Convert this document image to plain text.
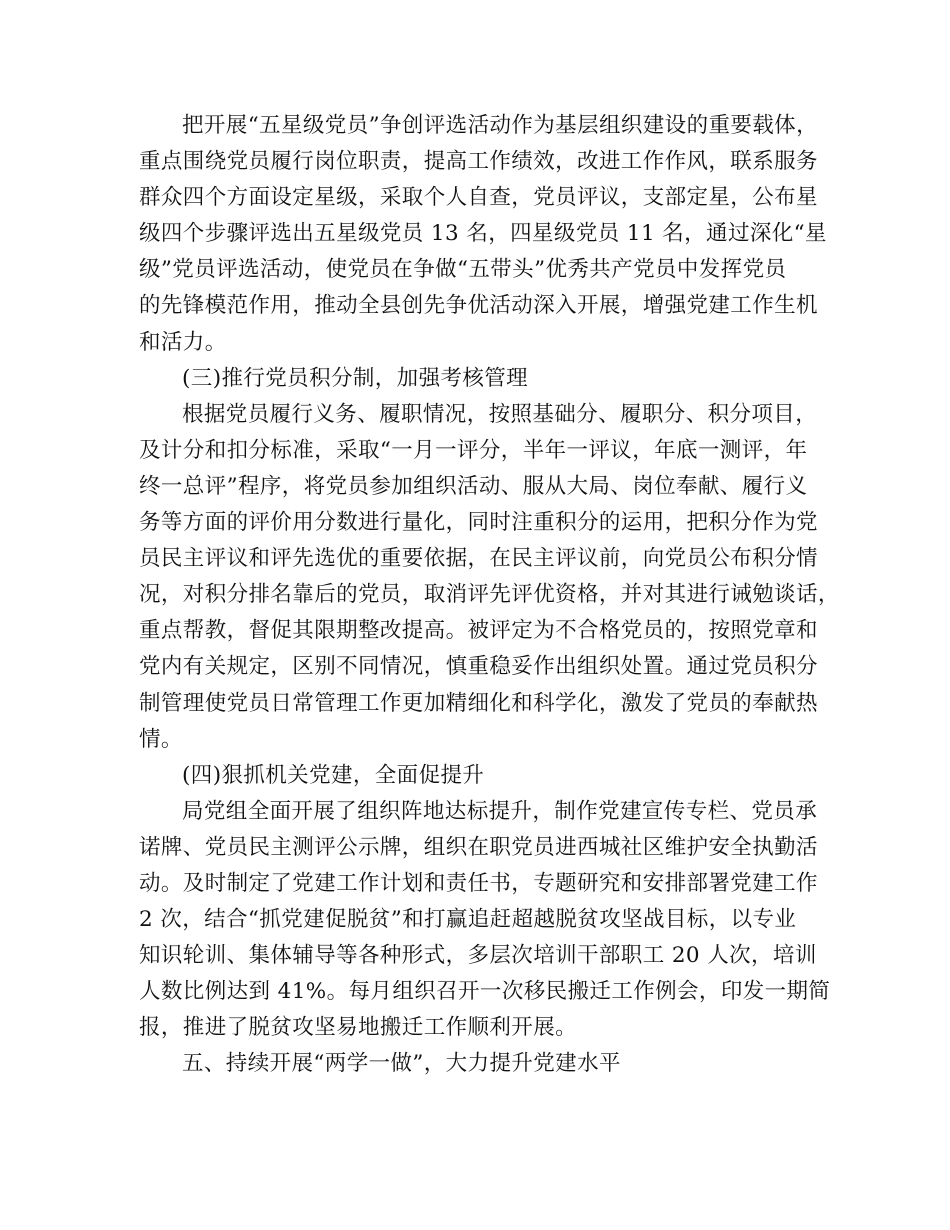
把开展“五星级党员”争创评选活动作为基层组织建设的重要载体，
重点围绕党员履行岗位职责，提高工作绩效，改进工作作风，联系服务
群众四个方面设定星级，采取个人自查，党员评议，支部定星，公布星
级四个步骤评选出五星级党员 13 名，四星级党员 11 名，通过深化“星
级”党员评选活动，使党员在争做“五带头”优秀共产党员中发挥党员
的先锋模范作用，推动全县创先争优活动深入开展，增强党建工作生机
和活力。

(三)推行党员积分制，加强考核管理

根据党员履行义务、履职情况，按照基础分、履职分、积分项目，
及计分和扣分标准，采取“一月一评分，半年一评议，年底一测评，年
终一总评”程序，将党员参加组织活动、服从大局、岗位奉献、履行义
务等方面的评价用分数进行量化，同时注重积分的运用，把积分作为党
员民主评议和评先选优的重要依据，在民主评议前，向党员公布积分情
况，对积分排名靠后的党员，取消评先评优资格，并对其进行诫勉谈话，
重点帮教，督促其限期整改提高。被评定为不合格党员的，按照党章和
党内有关规定，区别不同情况，慎重稳妥作出组织处置。通过党员积分
制管理使党员日常管理工作更加精细化和科学化，激发了党员的奉献热
情。

(四)狠抓机关党建，全面促提升

局党组全面开展了组织阵地达标提升，制作党建宣传专栏、党员承
诺牌、党员民主测评公示牌，组织在职党员进西城社区维护安全执勤活
动。及时制定了党建工作计划和责任书，专题研究和安排部署党建工作
2 次，结合“抓党建促脱贫”和打赢追赶超越脱贫攻坚战目标，以专业
知识轮训、集体辅导等各种形式，多层次培训干部职工 20 人次，培训
人数比例达到 41%。每月组织召开一次移民搬迁工作例会，印发一期简
报，推进了脱贫攻坚易地搬迁工作顺利开展。

五、持续开展“两学一做”，大力提升党建水平
